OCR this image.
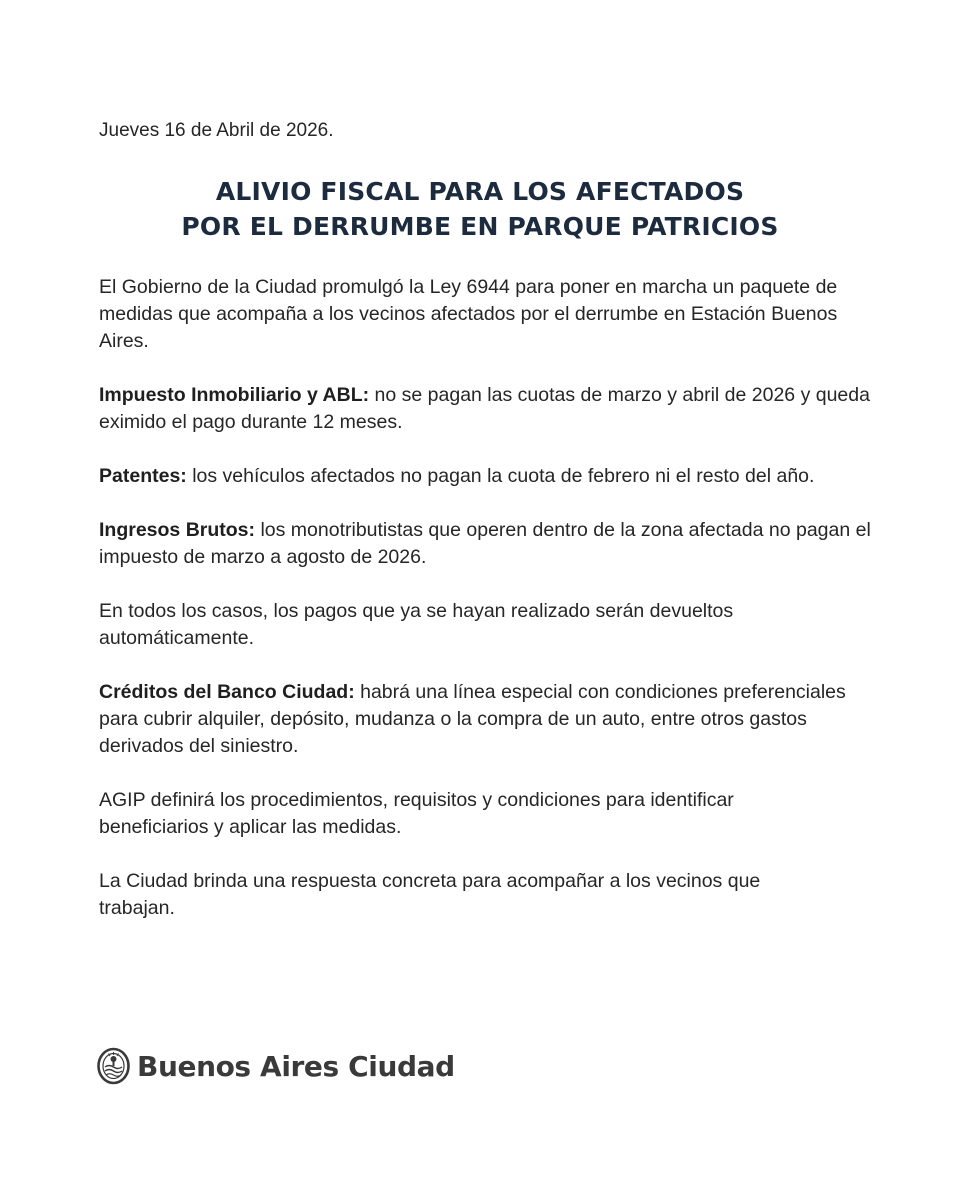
Jueves 16 de Abril de 2026.
ALIVIO FISCAL PARA LOS AFECTADOS
POR EL DERRUMBE EN PARQUE PATRICIOS

El Gobierno de la Ciudad promulgó la Ley 6944 para poner en marcha un paquete de medidas que acompaña a los vecinos afectados por el derrumbe en Estación Buenos Aires.

Impuesto Inmobiliario y ABL: no se pagan las cuotas de marzo y abril de 2026 y queda eximido el pago durante 12 meses.

Patentes: los vehículos afectados no pagan la cuota de febrero ni el resto del año.

Ingresos Brutos: los monotributistas que operen dentro de la zona afectada no pagan el impuesto de marzo a agosto de 2026.

En todos los casos, los pagos que ya se hayan realizado serán devueltos automáticamente.

Créditos del Banco Ciudad: habrá una línea especial con condiciones preferenciales para cubrir alquiler, depósito, mudanza o la compra de un auto, entre otros gastos derivados del siniestro.

AGIP definirá los procedimientos, requisitos y condiciones para identificar beneficiarios y aplicar las medidas.

La Ciudad brinda una respuesta concreta para acompañar a los vecinos que trabajan.

Buenos Aires Ciudad
